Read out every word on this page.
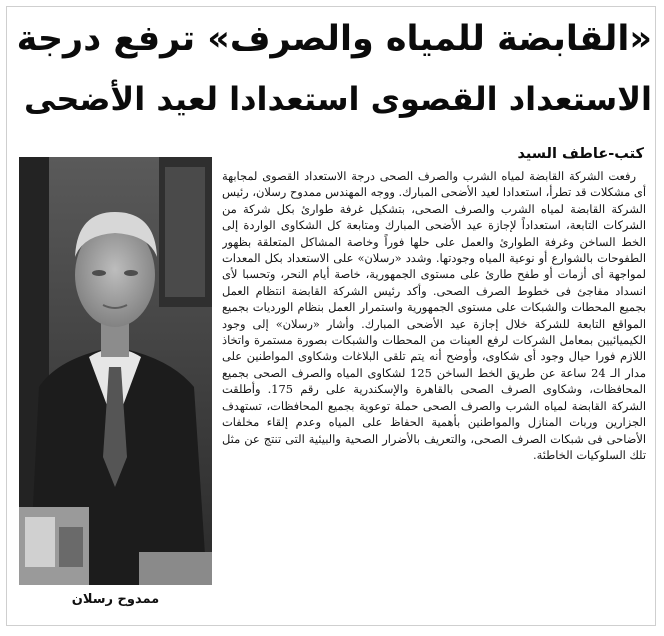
«القابضة للمياه والصرف» ترفع درجة
الاستعداد القصوى استعدادا لعيد الأضحى

كتب-عاطف السيد

ممدوح رسلان

رفعت الشركة القابضة لمياه الشرب والصرف الصحى درجة الاستعداد القصوى لمجابهة أى مشكلات قد تطرأ، استعدادا لعيد الأضحى المبارك. ووجه المهندس ممدوح رسلان، رئيس الشركة القابضة لمياه الشرب والصرف الصحى، بتشكيل غرفة طوارئ بكل شركة من الشركات التابعة، استعداداً لإجازة عيد الأضحى المبارك ومتابعة كل الشكاوى الواردة إلى الخط الساخن وغرفة الطوارئ والعمل على حلها فوراً وخاصة المشاكل المتعلقة بظهور الطفوحات بالشوارع أو نوعية المياه وجودتها. وشدد «رسلان» على الاستعداد بكل المعدات لمواجهة أى أزمات أو طفح طارئ على مستوى الجمهورية، خاصة أيام النحر، وتحسبا لأى انسداد مفاجئ فى خطوط الصرف الصحى. وأكد رئيس الشركة القابضة انتظام العمل بجميع المحطات والشبكات على مستوى الجمهورية واستمرار العمل بنظام الورديات بجميع المواقع التابعة للشركة خلال إجازة عيد الأضحى المبارك. وأشار «رسلان» إلى وجود الكيميائيين بمعامل الشركات لرفع العينات من المحطات والشبكات بصورة مستمرة واتخاذ اللازم فورا حيال وجود أى شكاوى، وأوضح أنه يتم تلقى البلاغات وشكاوى المواطنين على مدار الـ 24 ساعة عن طريق الخط الساخن 125 لشكاوى المياه والصرف الصحى بجميع المحافظات، وشكاوى الصرف الصحى بالقاهرة والإسكندرية على رقم 175. وأطلقت الشركة القابضة لمياه الشرب والصرف الصحى حملة توعوية بجميع المحافظات، تستهدف الجزارين وربات المنازل والمواطنين بأهمية الحفاظ على المياه وعدم إلقاء مخلفات الأضاحى فى شبكات الصرف الصحى، والتعريف بالأضرار الصحية والبيئية التى تنتج عن مثل تلك السلوكيات الخاطئة.
